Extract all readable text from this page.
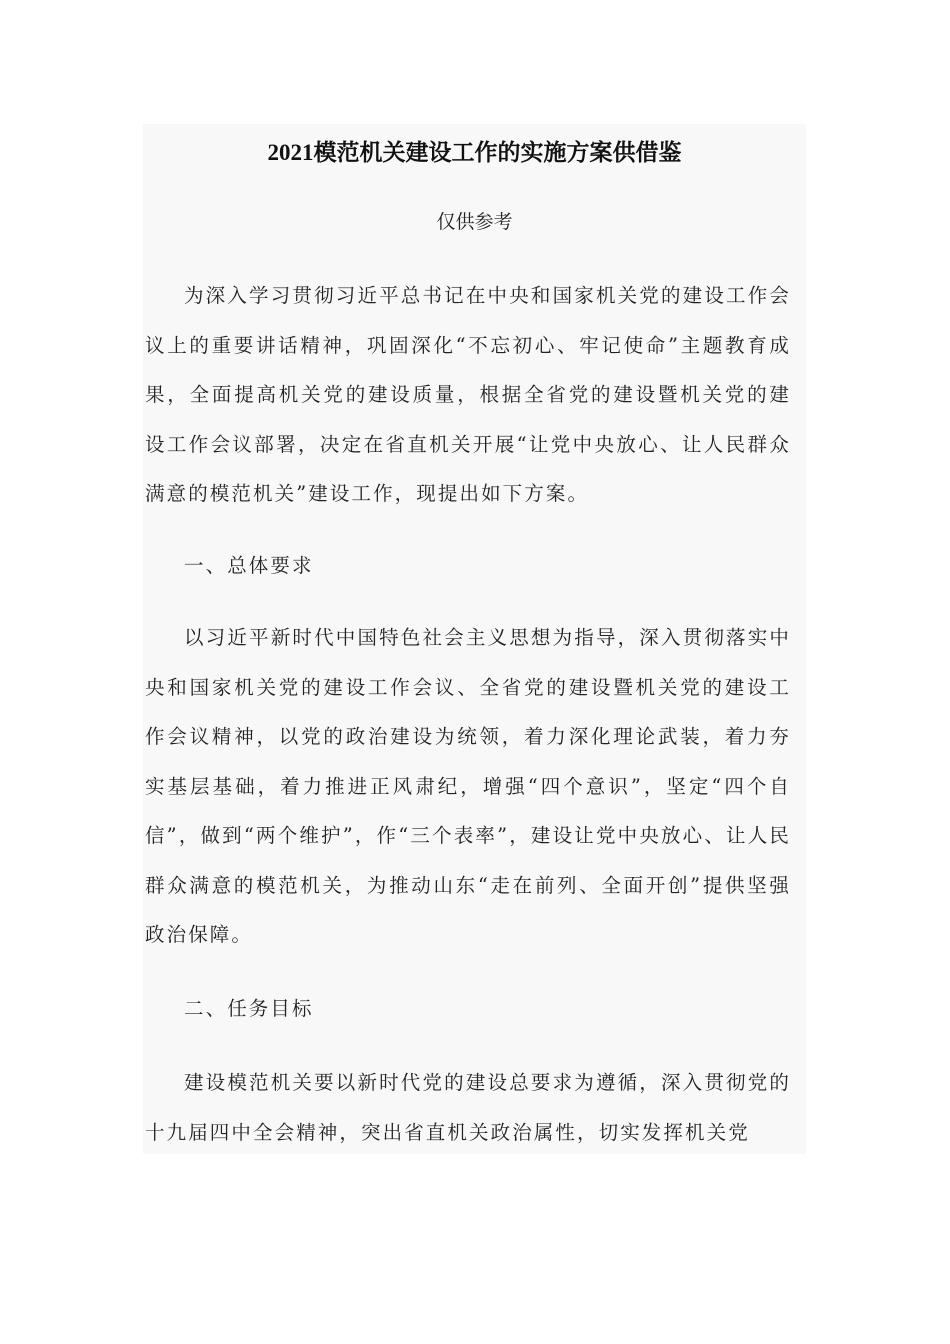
2021模范机关建设工作的实施方案供借鉴

仅供参考

为深入学习贯彻习近平总书记在中央和国家机关党的建设工作会议上的重要讲话精神，巩固深化“不忘初心、牢记使命”主题教育成果，全面提高机关党的建设质量，根据全省党的建设暨机关党的建设工作会议部署，决定在省直机关开展“让党中央放心、让人民群众满意的模范机关”建设工作，现提出如下方案。

一、总体要求

以习近平新时代中国特色社会主义思想为指导，深入贯彻落实中央和国家机关党的建设工作会议、全省党的建设暨机关党的建设工作会议精神，以党的政治建设为统领，着力深化理论武装，着力夯实基层基础，着力推进正风肃纪，增强“四个意识”，坚定“四个自信”，做到“两个维护”，作“三个表率”，建设让党中央放心、让人民群众满意的模范机关，为推动山东“走在前列、全面开创”提供坚强政治保障。

二、任务目标

建设模范机关要以新时代党的建设总要求为遵循，深入贯彻党的十九届四中全会精神，突出省直机关政治属性，切实发挥机关党
